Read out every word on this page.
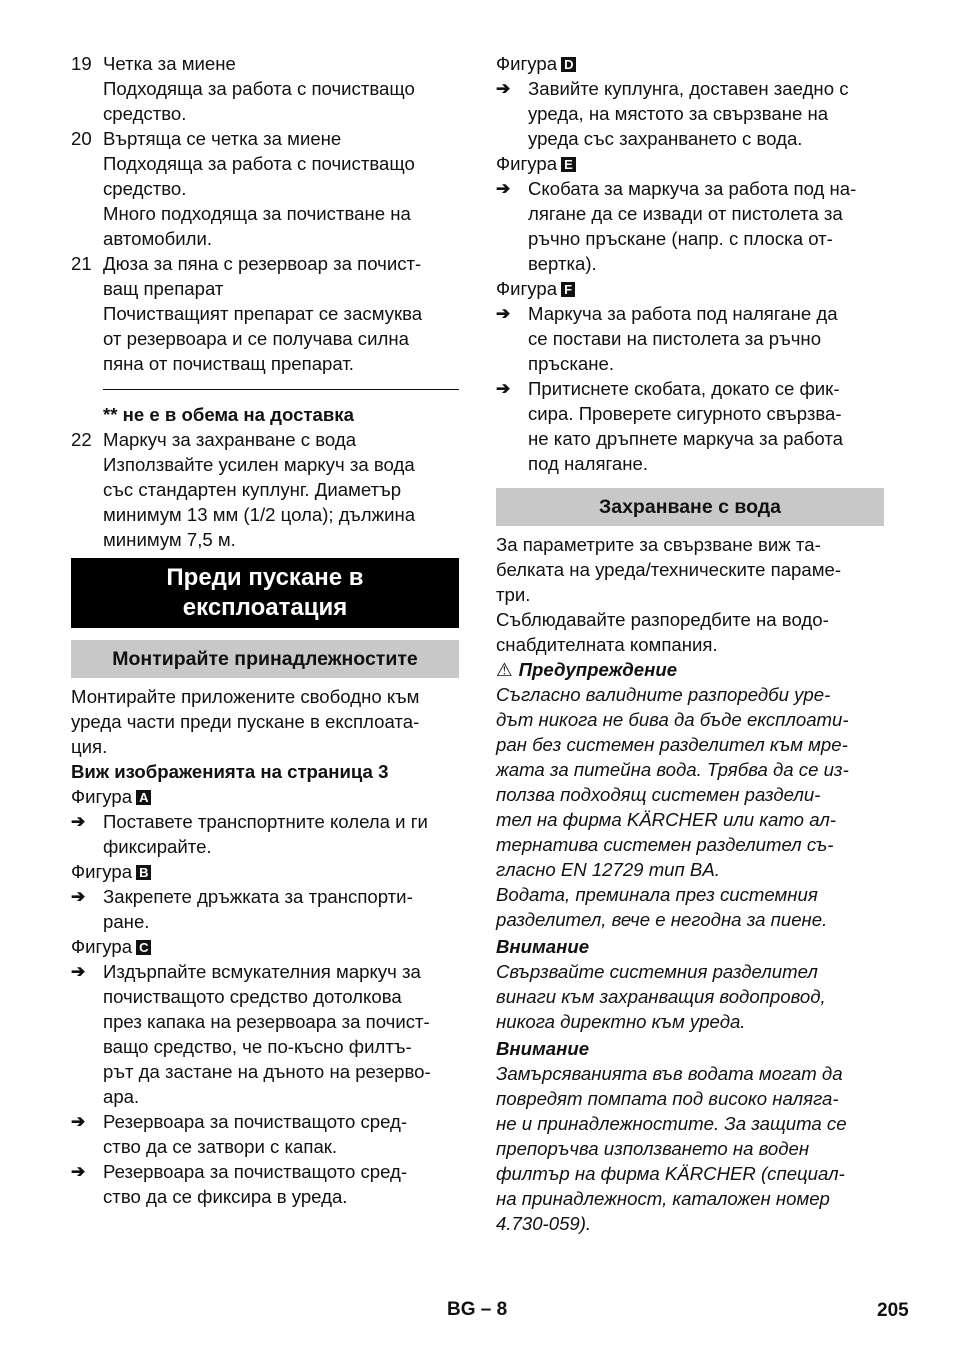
19 Четка за миене
Подходяща за работа с почистващо
средство.
20 Въртяща се четка за миене
Подходяща за работа с почистващо
средство.
Много подходяща за почистване на
автомобили.
21 Дюза за пяна с резервоар за почист-
ващ препарат
Почистващият препарат се засмуква
от резервоара и се получава силна
пяна от почистващ препарат.
** не е в обема на доставка
22 Маркуч за захранване с вода
Използвайте усилен маркуч за вода
със стандартен куплунг. Диаметър
минимум 13 мм (1/2 цола); дължина
минимум 7,5 м.
Преди пускане в
експлоатация
Монтирайте принадлежностите
Монтирайте приложените свободно към
уреда части преди пускане в експлоата-
ция.
Виж изображенията на страница 3
Фигура A
➔ Поставете транспортните колела и ги
фиксирайте.
Фигура B
➔ Закрепете дръжката за транспорти-
ране.
Фигура C
➔ Издърпайте всмукателния маркуч за
почистващото средство дотолкова
през капака на резервоара за почист-
ващо средство, че по-късно филтъ-
рът да застане на дъното на резерво-
ара.
➔ Резервоара за почистващото сред-
ство да се затвори с капак.
➔ Резервоара за почистващото сред-
ство да се фиксира в уреда.
Фигура D
➔ Завийте куплунга, доставен заедно с
уреда, на мястото за свързване на
уреда със захранването с вода.
Фигура E
➔ Скобата за маркуча за работа под на-
лягане да се извади от пистолета за
ръчно пръскане (напр. с плоска от-
вертка).
Фигура F
➔ Маркуча за работа под налягане да
се постави на пистолета за ръчно
пръскане.
➔ Притиснете скобата, докато се фик-
сира. Проверете сигурното свързва-
не като дръпнете маркуча за работа
под налягане.
Захранване с вода
За параметрите за свързване виж та-
белката на уреда/техническите параме-
три.
Съблюдавайте разпоредбите на водо-
снабдителната компания.
⚠ Предупреждение
Съгласно валидните разпоредби уре-
дът никога не бива да бъде експлоати-
ран без системен разделител към мре-
жата за питейна вода. Трябва да се из-
ползва подходящ системен раздели-
тел на фирма KÄRCHER или като ал-
тернатива системен разделител съ-
гласно EN 12729 тип BA.
Водата, преминала през системния
разделител, вече е негодна за пиене.
Внимание
Свързвайте системния разделител
винаги към захранващия водопровод,
никога директно към уреда.
Внимание
Замърсяванията във водата могат да
повредят помпата под високо наляга-
не и принадлежностите. За защита се
препоръчва използването на воден
филтър на фирма KÄRCHER (специал-
на принадлежност, каталожен номер
4.730-059).
BG – 8	205
